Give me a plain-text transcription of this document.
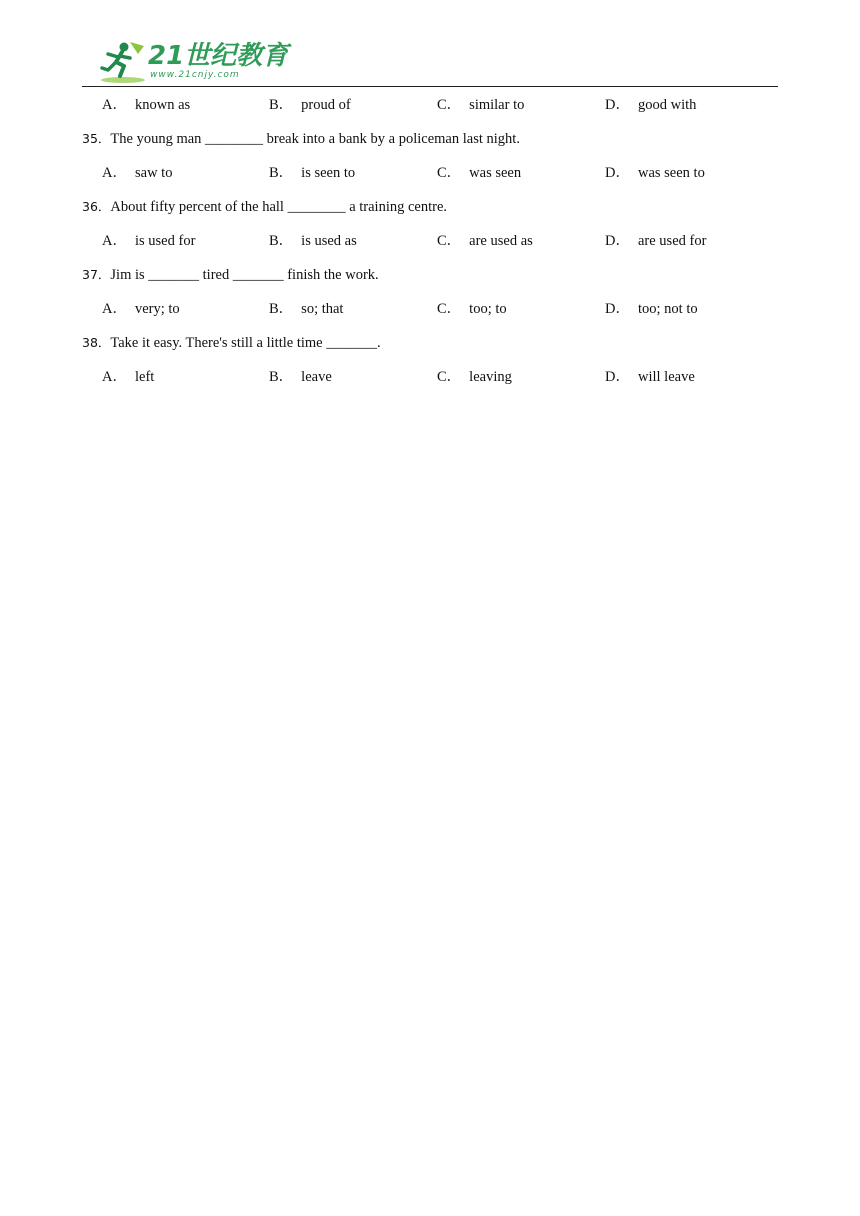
21世纪教育
www.21cnjy.com
A． known as	B． proud of	C． similar to	D． good with
35．The young man ________ break into a bank by a policeman last night.
A． saw to	B． is seen to	C． was seen	D． was seen to
36．About fifty percent of the hall ________ a training centre.
A． is used for	B． is used as	C． are used as	D． are used for
37．Jim is _______ tired _______ finish the work.
A． very; to	B． so; that	C． too; to	D． too; not to
38．Take it easy. There's still a little time _______.
A． left	B． leave	C． leaving	D． will leave
